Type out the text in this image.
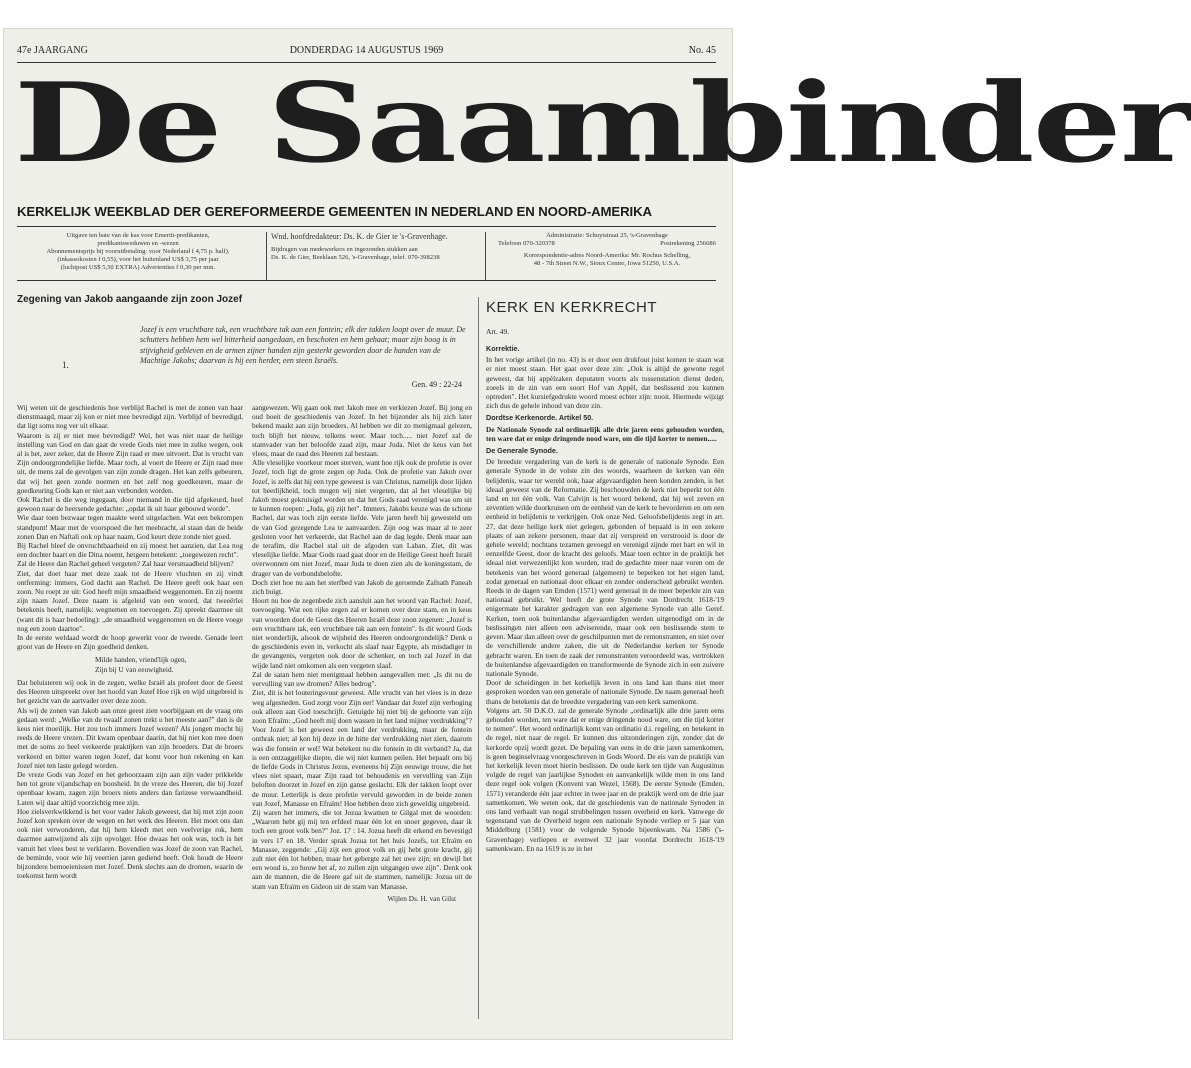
47e JAARGANG	DONDERDAG 14 AUGUSTUS 1969	No. 45
De Saambinder
KERKELIJK WEEKBLAD DER GEREFORMEERDE GEMEENTEN IN NEDERLAND EN NOORD-AMERIKA
Uitgave ten bate van de kas voor Emeriti-predikanten,
predikantsweduwen en -wezen
Abonnementsprijs bij vooruitbetaling: voor Nederland f 4,75 p. half).
(inkassokosten f 0,55), voor het buitenland US$ 3,75 per jaar
(luchtpost US$ 5,50 EXTRA) Advertenties f 0,30 per mm.
Wnd. hoofdredakteur: Ds. K. de Gier te 's-Gravenhage.
Bijdragen van medewerkers en ingezonden stukken aan
Ds. K. de Gier, Beeklaan 526, 's-Gravenhage, telef. 070-398238
Administratie: Schuytstraat 25, 's-Gravenhage
Telefoon 070-320378	Postrekening 256686
Korrespondentie-adres Noord-Amerika: Mr. Rochus Schelling,
48 - 7th Street N.W., Sioux Center, Iowa 51250, U.S.A.
Zegening van Jakob aangaande zijn zoon Jozef
1.
Jozef is een vruchtbare tak, een vruchtbare tak aan een fontein; elk der takken loopt over de muur. De schutters hebben hem wel bitterheid aangedaan, en beschoten en hem gehaat; maar zijn boog is in stijvigheid gebleven en de armen zijner handen zijn gesterkt geworden door de handen van de Machtige Jakobs; daarvan is hij een herder, een steen Israëls.
Gen. 49 : 22-24

Wij weten uit de geschiedenis hoe verblijd Rachel is met de zonen van haar dienstmaagd, maar zij kon er niet mee bevredigd zijn. Verblijd of bevredigd, dat ligt soms nog ver uit elkaar.

Waarom is zij er niet mee bevredigd? Wel, het was niet naar de heilige instelling van God en dan gaat de vrede Gods niet mee in zulke wegen, ook al is het, zeer zeker, dat de Heere Zijn raad er mee uitvoert. Dat is vrucht van Zijn ondoorgrondelijke liefde. Maar toch, al voert de Heere er Zijn raad mee uit, de mens zal de gevolgen van zijn zonde dragen. Het kan zelfs gebeuren, dat wij het geen zonde noemen en het zelf nog goedkeuren, maar de goedkeuring Gods kan er niet aan verbonden worden.

Ook Rachel is die weg ingegaan, door niemand in die tijd afgekeurd, heel gewoon naar de heersende gedachte: „opdat ik uit haar gebouwd worde".

Wie daar toen bezwaar tegen maakte werd uitgelachen. Wat een bekrompen standpunt! Maar met de voorspoed die het meebracht, al staan dan de beide zonen Dan en Naftali ook op haar naam, God keurt deze zonde niet goed.

Bij Rachel bleef de onvruchtbaarheid en zij moest het aanzien, dat Lea nog een dochter baart en die Dina noemt, hetgeen betekent: „toegewezen recht".

Zal de Heere dan Rachel geheel vergeten? Zal haar versmaadheid blijven?

Ziet, dat doet haar met deze zaak tot de Heere vluchten en zij vindt ontferming: immers, God dacht aan Rachel. De Heere geeft ook haar een zoon. Nu roept ze uit: God heeft mijn smaadheid weggenomen. En zij noemt zijn naam Jozef. Deze naam is afgeleid van een woord, dat tweeërlei betekenis heeft, namelijk: wegnemen en toevoegen. Zij spreekt daarmee uit (want dit is haar bedoeling): „de smaadheid weggenomen en de Heere voege nog een zoon daartoe".

In de eerste weldaad wordt de hoop gewerkt voor de tweede. Genade leert groot van de Heere en Zijn goedheid denken.

Milde handen, vriend'lijk ogen,
Zijn bij U van eeuwigheid.

Dat beluisteren wij ook in de zegen, welke Israël als profeet door de Geest des Heeren uitspreekt over het hoofd van Jozef Hoe rijk en wijd uitgebreid is het gezicht van de aartvader over deze zoon.

Als wij de zonen van Jakob aan onze geest zien voorbijgaan en de vraag ons gedaan werd: „Welke van de twaalf zonen trekt u het meeste aan?" dan is de keus niet moeilijk. Het zou toch immers Jozef wezen? Als jongen mocht hij reeds de Heere vrezen. Dit kwam openbaar daarin, dat hij niet kon mee doen met de soms zo heel verkeerde praktijken van zijn broeders. Dat de broers verkeerd en bitter waren tegen Jozef, dat komt voor hun rekening en kan Jozef niet ten laste gelegd worden.

De vreze Gods van Jozef en het gehoorzaam zijn aan zijn vader prikkelde hen tot grote vijandschap en boosheid. In de vreze des Heeren, die bij Jozef openbaar kwam, zagen zijn broers niets anders dan farizese verwaandheid. Laten wij daar altijd voorzichtig mee zijn.

Hoe zielsverkwikkend is het voor vader Jakob geweest, dat hij met zijn zoon Jozef kon spreken over de wegen en het werk des Heeren. Het moet ons dan ook niet verwonderen, dat hij hem kleedt met een veelverige rok, hem daarmee aanwijzend als zijn opvolger. Hoe dwaas het ook was, toch is het vanuit het vlees best te verklaren. Bovendien was Jozef de zoon van Rachel, de beminde, voor wie hij veertien jaren gediend heeft. Ook houdt de Heere bijzondere bemoeienissen met Jozef. Denk slechts aan de dromen, waarin de toekomst hem wordt

aangewezen. Wij gaan ook met Jakob mee en verkiezen Jozef. Bij jong en oud boeit de geschiedenis van Jozef. In het bijzonder als hij zich later bekend maakt aan zijn broeders. Al hebben we dit zo menigmaal gelezen, toch blijft het nieuw, telkens weer. Maar toch..... niet Jozef zal de stamvader van het beloofde zaad zijn, maar Juda. Niet de keus van het vlees, maar de raad des Heeren zal bestaan.

Alle vleselijke voorkeur moet sterven, want hoe rijk ook de profetie is over Jozef, toch ligt de grote zegen op Juda. Ook de profetie van Jakob over Jozef, is zelfs dat hij een type geweest is van Christus, namelijk door lijden tot heerlijkheid, toch mogen wij niet vergeten, dat al het vleselijke bij Jakob moest gekruisigd worden en dat het Gods raad verenigd was om uit te kunnen roepen: „Juda, gij zijt het". Immers, Jakobs keuze was de schone Rachel, dat was toch zijn eerste liefde. Vele jaren heeft hij gewesteld om de van God gezegende Lea te aanvaarden. Zijn oog was maar al te zeer gesloten voor het verkeerde, dat Rachel aan de dag legde. Denk maar aan de terafim, die Rachel stal uit de afgoden van Laban. Ziet, dit was vleselijke liefde. Maar Gods raad gaat door en de Heilige Geest heeft Israël overwonnen om niet Jozef, maar Juda te doen zien als de koningsstam, de drager van de verbondsbelofte.

Doch ziet hoe nu aan het sterfbed van Jakob de geroemde Zafnath Paneah zich buigt.

Hoort nu hoe de zegenbede zich aansluit aan het woord van Rachel: Jozef, toevoeging. Wat een rijke zegen zal er komen over deze stam, en in keus van woorden doet de Geest des Heeren Israël deze zoon zegenen: „Jozef is een vruchtbare tak, een vruchtbare tak aan een fontein". Is dit woord Gods niet wonderlijk, alsook de wijsheid des Heeren ondoorgrondelijk? Denk u de geschiedenis even in, verkocht als slaaf naar Egypte, als misdadiger in de gevangenis, vergeten ook door de schenker, en toch zal Jozef in dat wijde land niet omkomen als een vergeten slaaf.

Zal de satan hem niet menigmaal hebben aangevallen met: „Is dit nu de vervulling van uw dromen? Alles bedrog".

Ziet, dit is het louteringsvuur geweest. Alle vrucht van het vlees is in deze weg afgesneden. God zorgt voor Zijn eer! Vandaar dat Jozef zijn verhoging ook alleen aan God toeschrijft. Getuigde hij niet bij de geboorte van zijn zoon Efraïm: „God heeft mij doen wassen in het land mijner verdrukking"?

Voor Jozef is het geweest een land der verdrukking, maar de fontein onthrak niet; al kon hij deze in de hitte der verdrukking niet zien, daarom was die fontein er wel! Wat betekent nu die fontein in dit verband? Ja, dat is een ontzaggelijke diepte, die wij niet kunnen peilen. Het bepaalt ons bij de liefde Gods in Christus Jezus, eveneens bij Zijn eeuwige trouw, die het vlees niet spaart, maar Zijn raad tot behoudenis en vervulling van Zijn beloften doorzet in Jozef en zijn ganse geslacht. Elk der takken loopt over de muur. Letterlijk is deze profetie vervuld geworden in de beide zonen van Jozef, Manasse en Efraïm! Hoe hebben deze zich geweldig uitgebreid.

Zij waren het immers, die tot Jozua kwamen te Gilgal met de woorden: „Waarom hebt gij mij ten erfdeel maar één lot en snoer gegeven, daar ik toch een groot volk ben?" Joz. 17 : 14. Jozua heeft dit erkend en bevestigd in vers 17 en 18. Verder sprak Jozua tot het huis Jozefs, tot Efraïm en Manasse, zeggende: „Gij zijt een groot volk en gij hebt grote kracht, gij zult niet één lot hebben, maar het gebergte zal het uwe zijn; en dewijl het een woud is, zo houw het af, zo zullen zijn uitgangen uwe zijn". Denk ook aan de mannen, die de Heere gaf uit de stammen, namelijk: Jozua uit de stam van Efraïm en Gideon uit de stam van Manasse.

Wijlen Ds. H. van Gilst
KERK EN KERKRECHT
Art. 49.
Korrektie.

In het vorige artikel (in no. 43) is er door een drukfout juist komen te staan wat er niet moest staan. Het gaat over deze zin: „Ook is altijd de gewone regel geweest, dat bij appèlzaken deputaten voorts als tussenstation dienst deden, zoeels in de zin van een soort Hof van Appèl, dat beslissend zou kunnen optreden". Het kursiefgedrukte woord moest echter zijn: nooit. Hiermede wijzigt zich dus de gehele inhoud van deze zin.

Dordtse Kerkenorde. Artikel 50.

De Nationale Synode zal ordinarlijk alle drie jaren eens gehouden worden, ten ware dat er enige dringende nood ware, om die tijd korter te nemen.....

De Generale Synode.

De breedste vergadering van de kerk is de generale of nationale Synode. Een generale Synode in de volste zin des woords, waarheen de kerken van één belijdenis, waar ter wereld ook, haar afgevaardigden heen konden zenden, is het ideaal geweest van de Reformatie. Zij beschouwden de kerk niet beperkt tot één land en tot één volk. Van Calvijn is het woord bekend, dat hij wel zeven en zeventien wilde doorkruisen om de eenheid van de kerk te bevorderen en om een eenheid in belijdenis te verkrijgen. Ook onze Ned. Geloofsbelijdenis zegt in art. 27, dat deze heilige kerk niet gelegen, gebonden of bepaald is in een zekere plaats of aan zekere personen, maar dat zij verspreid en verstrooid is door de gehele wereld; nochtans tezamen gevoegd en verenigd zijnde met hart en wil in eenzelfde Geest, door de kracht des geloofs. Maar toen echter in de praktijk het ideaal niet verwezenlijkt kon worden, trad de gedachte meer naar voren om de betekenis van het woord generaal (algemeen) te beperken tot het eigen land, zodat generaal en nationaal door elkaar en zonder onderscheid gebruikt werden. Reeds in de dagen van Emden (1571) werd generaal in de meer beperkte zin van nationaal gebruikt. Wel heeft de grote Synode van Dordrecht 1618-'19 enigermate het karakter gedragen van een algemene Synode van alle Geref. Kerken, toen ook buitenlandse afgevaardigden werden uitgenodigd om in de beslissingen niet alleen een adviserende, maar ook een beslissende stem te geven. Maar dan alleen over de geschilpunten met de remonstranten, en niet over de verschillende andere zaken, die uit de Nederlandse kerken ter Synode gebracht waren. En toen de zaak der remonstranten veroordeeld was, vertrokken de buitenlandse afgevaardigden en transformeerde de Synode zich in een zuivere nationale Synode.

Door de scheidingen in het kerkelijk leven in ons land kan thans niet meer gesproken worden van een generale of nationale Synode. De naam generaal heeft thans de betekenis dat de breedste vergadering van een kerk samenkomt.

Volgens art. 50 D.K.O. zal de generale Synode „ordinarlijk alle drie jaren eens gehouden worden, ten ware dat er enige dringende nood ware, om die tijd korter te nemen". Het woord ordinarlijk komt van ordinatio d.i. regeling, en betekent in de regel, niet naar de regel. Er kunnen dus uitzonderingen zijn, zonder dat de kerkorde opzij wordt gezet. De bepaling van eens in de drie jaren samenkomen, is geen beginselvraag voorgeschreven in Gods Woord. De eis van de praktijk van het kerkelijk leven moet hierin beslissen. De oude kerk ten tijde van Augustinus volgde de regel van jaarlijkse Synoden en aanvankelijk wilde men in ons land deze regel ook volgen (Konvent van Wezel, 1568). De eerste Synode (Emden, 1571) veranderde één jaar echter in twee jaar en de praktijk werd om de drie jaar samenkomen. We weten ook, dat de geschiedenis van de nationale Synoden in ons land verhaalt van nogal strubbelingen tussen overheid en kerk. Vanwege de tegenstand van de Overheid tegen een nationale Synode verliep er 5 jaar van Middelburg (1581) voor de volgende Synode bijeenkwam. Na 1586 ('s-Gravenhage) verliepen er evenwel 32 jaar voordat Dordrecht 1618-'19 samenkwam. En na 1619 is ze in het
